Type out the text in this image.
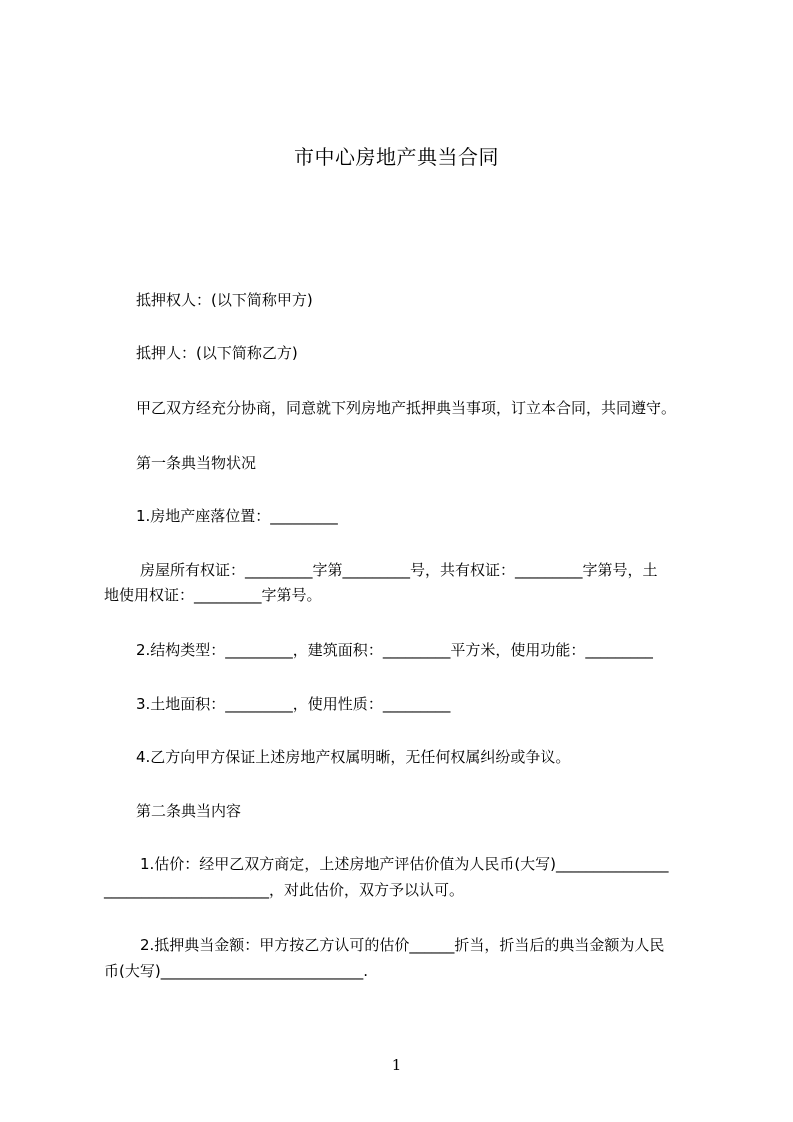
市中心房地产典当合同
抵押权人：(以下简称甲方)
抵押人：(以下简称乙方)
甲乙双方经充分协商，同意就下列房地产抵押典当事项，订立本合同，共同遵守。
第一条典当物状况
1.房地产座落位置：_________
房屋所有权证：_________字第_________号，共有权证：_________字第号，土
地使用权证：_________字第号。
2.结构类型：_________，建筑面积：_________平方米，使用功能：_________
3.土地面积：_________，使用性质：_________
4.乙方向甲方保证上述房地产权属明晰，无任何权属纠纷或争议。
第二条典当内容
1.估价：经甲乙双方商定，上述房地产评估价值为人民币(大写)_______________
______________________，对此估价，双方予以认可。
2.抵押典当金额：甲方按乙方认可的估价______折当，折当后的典当金额为人民
币(大写)___________________________.
1
